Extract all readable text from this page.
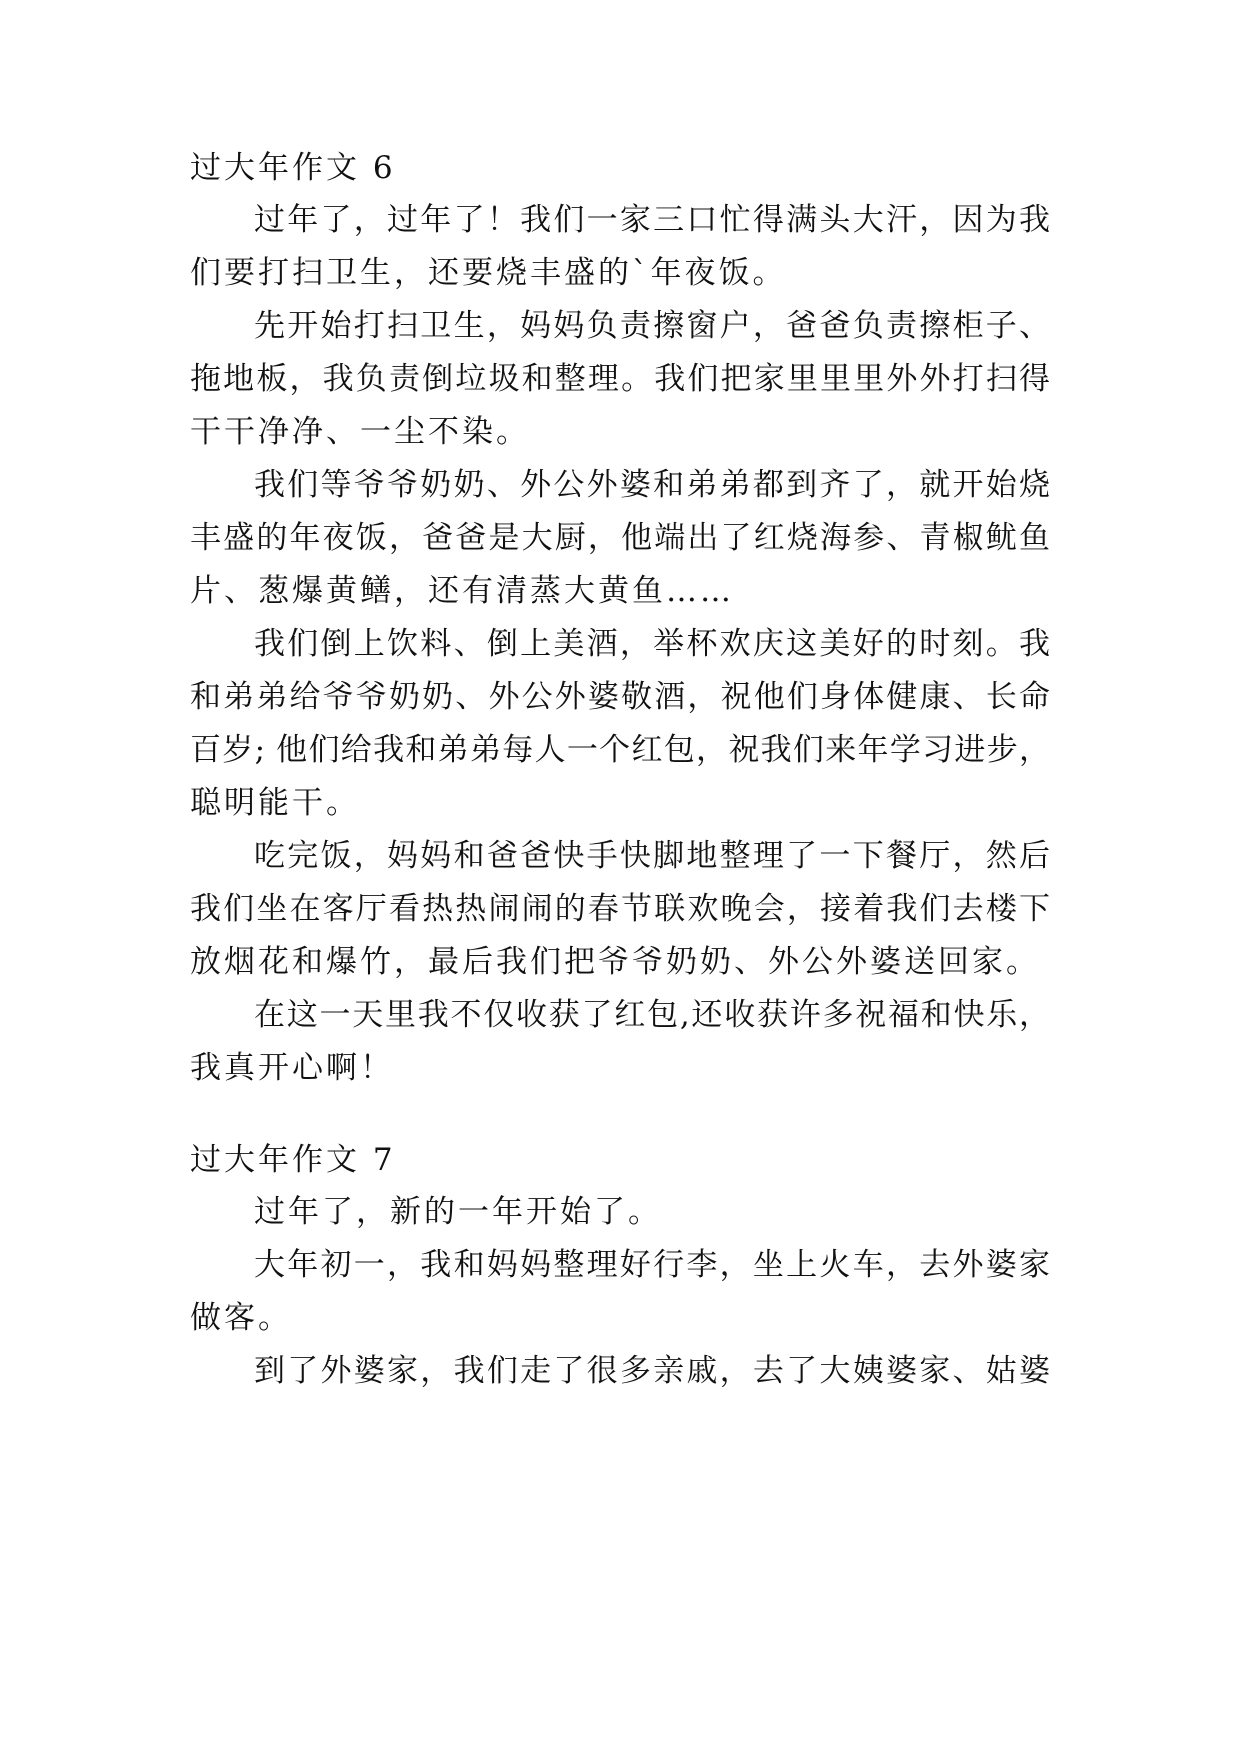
过大年作文 6
过年了，过年了！我们一家三口忙得满头大汗，因为我
们要打扫卫生，还要烧丰盛的`年夜饭。
先开始打扫卫生，妈妈负责擦窗户，爸爸负责擦柜子、
拖地板，我负责倒垃圾和整理。我们把家里里里外外打扫得
干干净净、一尘不染。
我们等爷爷奶奶、外公外婆和弟弟都到齐了，就开始烧
丰盛的年夜饭，爸爸是大厨，他端出了红烧海参、青椒鱿鱼
片、葱爆黄鳝，还有清蒸大黄鱼……
我们倒上饮料、倒上美酒，举杯欢庆这美好的时刻。我
和弟弟给爷爷奶奶、外公外婆敬酒，祝他们身体健康、长命
百岁; 他们给我和弟弟每人一个红包，祝我们来年学习进步，
聪明能干。
吃完饭，妈妈和爸爸快手快脚地整理了一下餐厅，然后
我们坐在客厅看热热闹闹的春节联欢晚会，接着我们去楼下
放烟花和爆竹，最后我们把爷爷奶奶、外公外婆送回家。
在这一天里我不仅收获了红包,还收获许多祝福和快乐，
我真开心啊！
过大年作文 7
过年了，新的一年开始了。
大年初一，我和妈妈整理好行李，坐上火车，去外婆家
做客。
到了外婆家，我们走了很多亲戚，去了大姨婆家、姑婆
